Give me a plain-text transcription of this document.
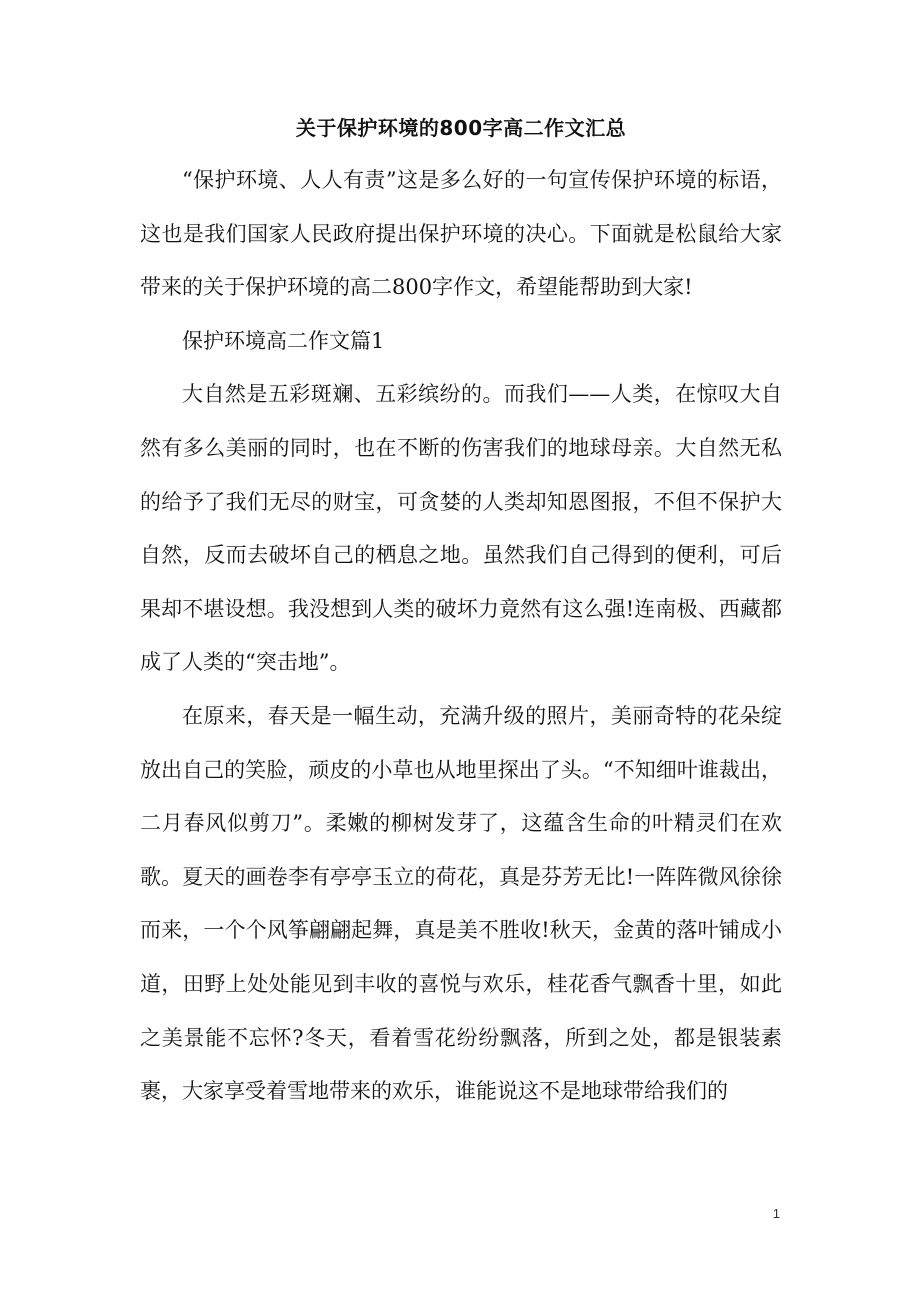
关于保护环境的800字高二作文汇总

“保护环境、人人有责”这是多么好的一句宣传保护环境的标语，这也是我们国家人民政府提出保护环境的决心。下面就是松鼠给大家带来的关于保护环境的高二800字作文，希望能帮助到大家!

保护环境高二作文篇1

大自然是五彩斑斓、五彩缤纷的。而我们——人类，在惊叹大自然有多么美丽的同时，也在不断的伤害我们的地球母亲。大自然无私的给予了我们无尽的财宝，可贪婪的人类却知恩图报，不但不保护大自然，反而去破坏自己的栖息之地。虽然我们自己得到的便利，可后果却不堪设想。我没想到人类的破坏力竟然有这么强!连南极、西藏都成了人类的“突击地”。

在原来，春天是一幅生动，充满升级的照片，美丽奇特的花朵绽放出自己的笑脸，顽皮的小草也从地里探出了头。“不知细叶谁裁出，二月春风似剪刀”。柔嫩的柳树发芽了，这蕴含生命的叶精灵们在欢歌。夏天的画卷李有亭亭玉立的荷花，真是芬芳无比!一阵阵微风徐徐而来，一个个风筝翩翩起舞，真是美不胜收!秋天，金黄的落叶铺成小道，田野上处处能见到丰收的喜悦与欢乐，桂花香气飘香十里，如此之美景能不忘怀?冬天，看着雪花纷纷飘落，所到之处，都是银装素裹，大家享受着雪地带来的欢乐，谁能说这不是地球带给我们的

1
